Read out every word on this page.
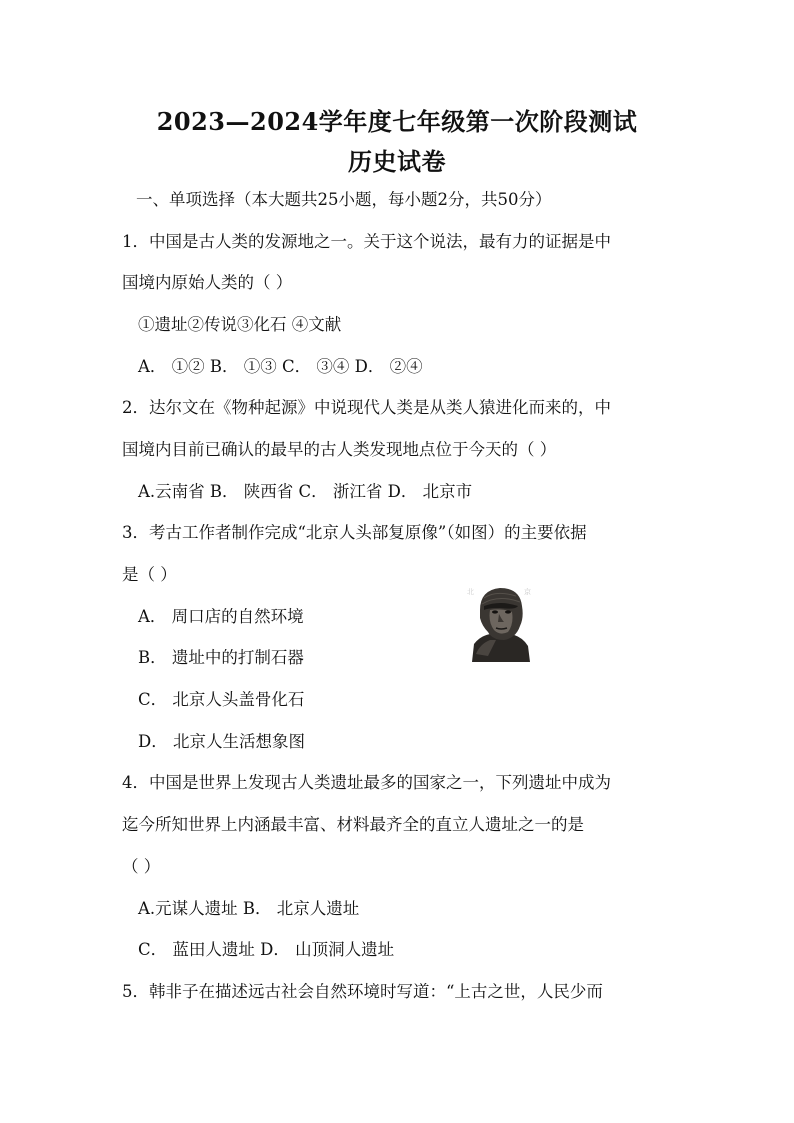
2023—2024学年度七年级第一次阶段测试
历史试卷
一、单项选择（本大题共25小题，每小题2分，共50分）
1．中国是古人类的发源地之一。关于这个说法，最有力的证据是中
国境内原始人类的（ ）
①遗址②传说③化石 ④文献
A． ①② B． ①③ C． ③④ D． ②④
2．达尔文在《物种起源》中说现代人类是从类人猿进化而来的，中
国境内目前已确认的最早的古人类发现地点位于今天的（ ）
A.云南省 B． 陕西省 C． 浙江省 D． 北京市
3．考古工作者制作完成“北京人头部复原像”（如图）的主要依据
是（ ）
A． 周口店的自然环境
B． 遗址中的打制石器
C． 北京人头盖骨化石
D． 北京人生活想象图
北	京
4．中国是世界上发现古人类遗址最多的国家之一，下列遗址中成为
迄今所知世界上内涵最丰富、材料最齐全的直立人遗址之一的是
（ ）
A.元谋人遗址 B． 北京人遗址
C． 蓝田人遗址 D． 山顶洞人遗址
5．韩非子在描述远古社会自然环境时写道：“上古之世，人民少而
